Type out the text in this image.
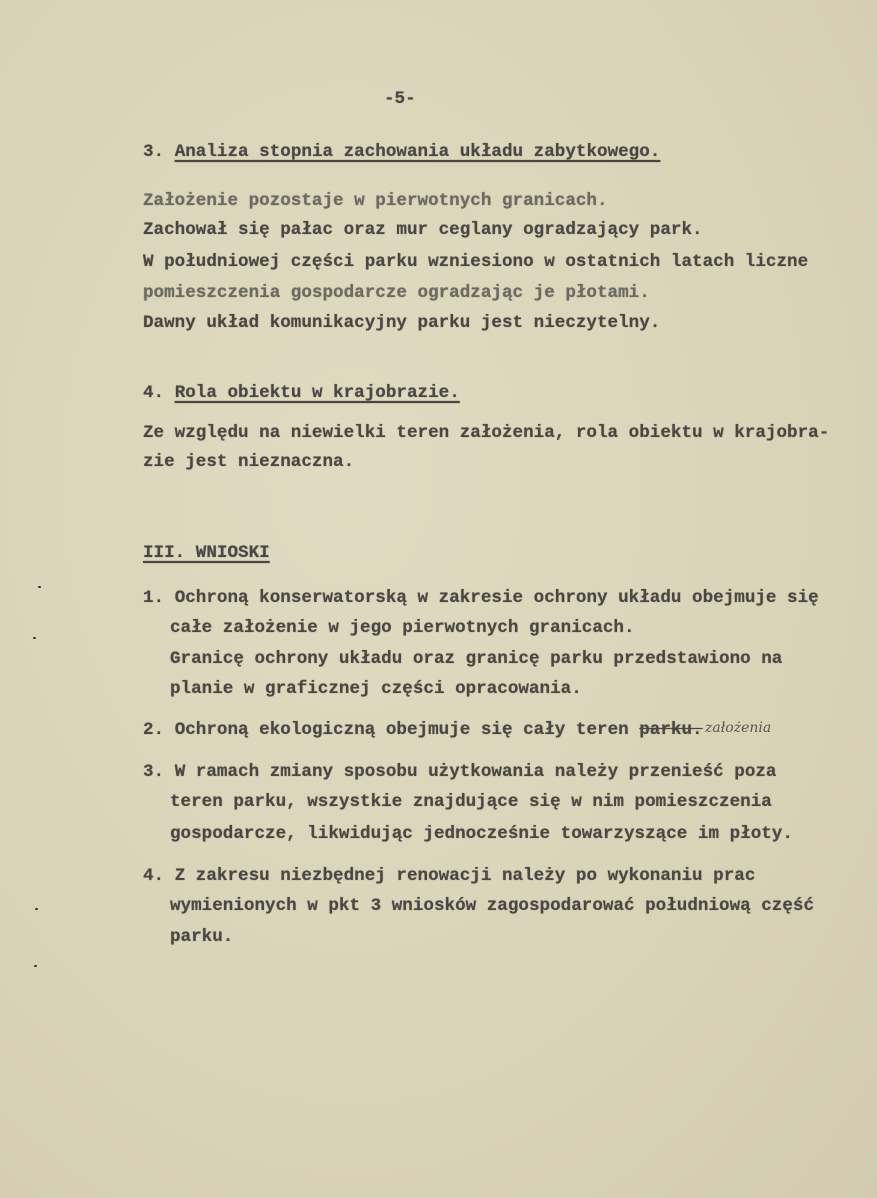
-5-
3. Analiza stopnia zachowania układu zabytkowego.
Założenie pozostaje w pierwotnych granicach.
Zachował się pałac oraz mur ceglany ogradzający park.
W południowej części parku wzniesiono w ostatnich latach liczne
pomieszczenia gospodarcze ogradzając je płotami.
Dawny układ komunikacyjny parku jest nieczytelny.
4. Rola obiektu w krajobrazie.
Ze względu na niewielki teren założenia, rola obiektu w krajobra-
zie jest nieznaczna.
III. WNIOSKI
1. Ochroną konserwatorską w zakresie ochrony układu obejmuje się
całe założenie w jego pierwotnych granicach.
Granicę ochrony układu oraz granicę parku przedstawiono na
planie w graficznej części opracowania.
2. Ochroną ekologiczną obejmuje się cały teren parku. założenia
3. W ramach zmiany sposobu użytkowania należy przenieść poza
teren parku, wszystkie znajdujące się w nim pomieszczenia
gospodarcze, likwidując jednocześnie towarzyszące im płoty.
4. Z zakresu niezbędnej renowacji należy po wykonaniu prac
wymienionych w pkt 3 wniosków zagospodarować południową część
parku.
